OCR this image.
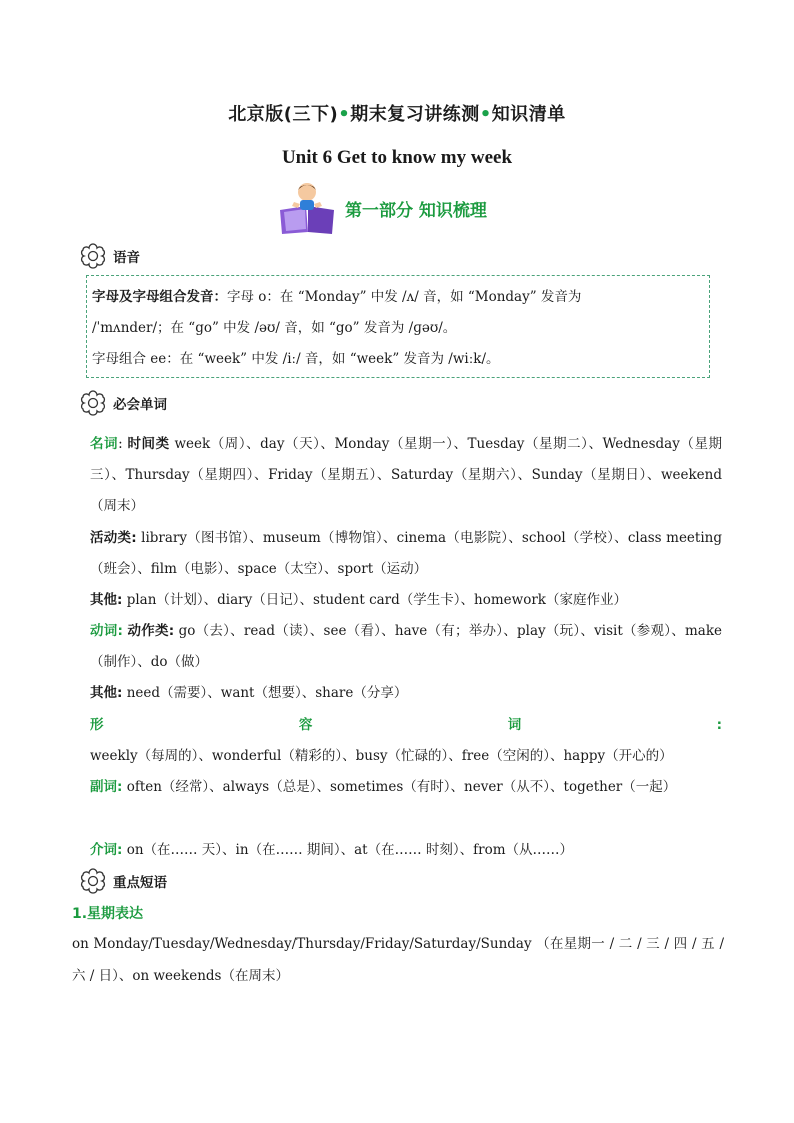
北京版(三下)•期末复习讲练测•知识清单
Unit 6 Get to know my week
第一部分 知识梳理
语音
字母及字母组合发音：字母 o：在 “Monday” 中发 /ʌ/ 音，如 “Monday” 发音为
/ˈmʌnder/；在 “go” 中发 /əʊ/ 音，如 “go” 发音为 /ɡəʊ/。
字母组合 ee：在 “week” 中发 /iː/ 音，如 “week” 发音为 /wiːk/。
必会单词
名词: 时间类 week（周）、day（天）、Monday（星期一）、Tuesday（星期二）、Wednesday（星期三）、Thursday（星期四）、Friday（星期五）、Saturday（星期六）、Sunday（星期日）、weekend（周末）
活动类: library（图书馆）、museum（博物馆）、cinema（电影院）、school（学校）、class meeting（班会）、film（电影）、space（太空）、sport（运动）
其他: plan（计划）、diary（日记）、student card（学生卡）、homework（家庭作业）
动词: 动作类: go（去）、read（读）、see（看）、have（有；举办）、play（玩）、visit（参观）、make（制作）、do（做）
其他: need（需要）、want（想要）、share（分享）
形容词: weekly（每周的）、wonderful（精彩的）、busy（忙碌的）、free（空闲的）、happy（开心的）
副词: often（经常）、always（总是）、sometimes（有时）、never（从不）、together（一起）
介词: on（在…… 天）、in（在…… 期间）、at（在…… 时刻）、from（从……）
重点短语
1.星期表达
on Monday/Tuesday/Wednesday/Thursday/Friday/Saturday/Sunday （在星期一 / 二 / 三 / 四 / 五 / 六 / 日）、on weekends（在周末）
